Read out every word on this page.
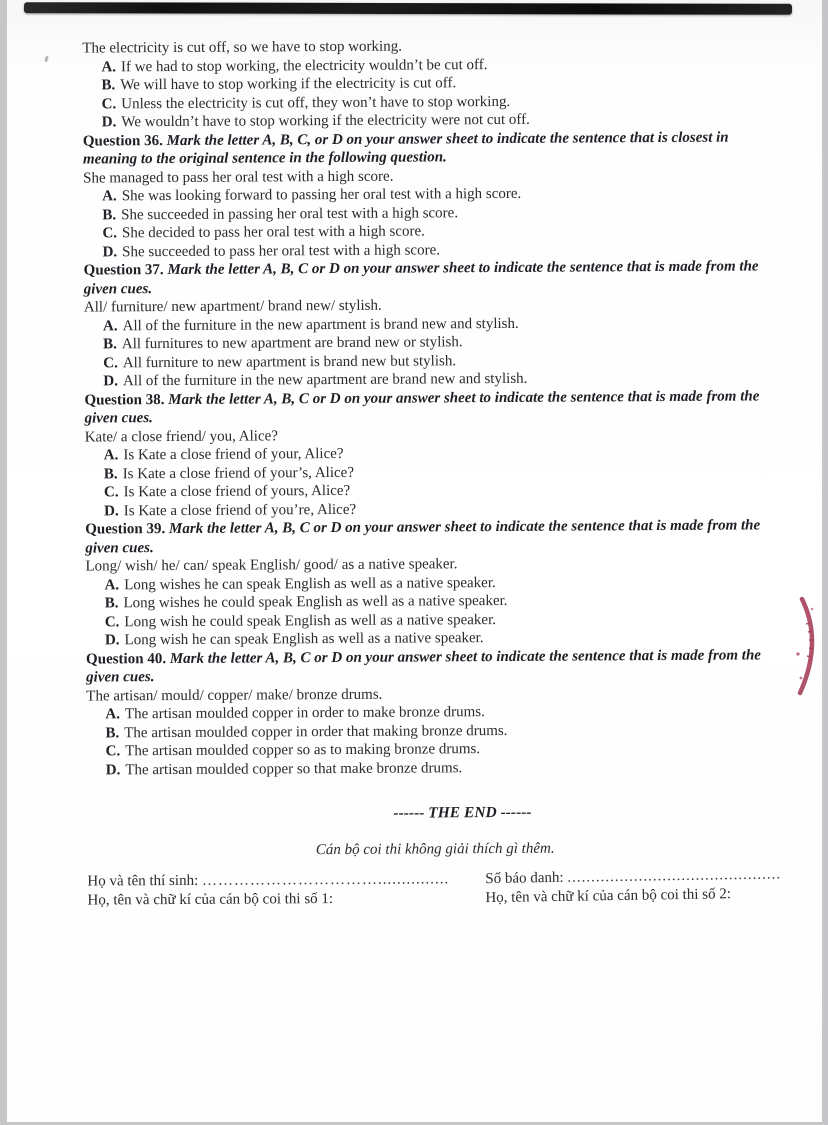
The electricity is cut off, so we have to stop working.

A. If we had to stop working, the electricity wouldn’t be cut off.

B. We will have to stop working if the electricity is cut off.

C. Unless the electricity is cut off, they won’t have to stop working.

D. We wouldn’t have to stop working if the electricity were not cut off.

Question 36. Mark the letter A, B, C, or D on your answer sheet to indicate the sentence that is closest in meaning to the original sentence in the following question.

She managed to pass her oral test with a high score.

A. She was looking forward to passing her oral test with a high score.

B. She succeeded in passing her oral test with a high score.

C. She decided to pass her oral test with a high score.

D. She succeeded to pass her oral test with a high score.

Question 37. Mark the letter A, B, C or D on your answer sheet to indicate the sentence that is made from the given cues.

All/ furniture/ new apartment/ brand new/ stylish.

A. All of the furniture in the new apartment is brand new and stylish.

B. All furnitures to new apartment are brand new or stylish.

C. All furniture to new apartment is brand new but stylish.

D. All of the furniture in the new apartment are brand new and stylish.

Question 38. Mark the letter A, B, C or D on your answer sheet to indicate the sentence that is made from the given cues.

Kate/ a close friend/ you, Alice?

A. Is Kate a close friend of your, Alice?

B. Is Kate a close friend of your’s, Alice?

C. Is Kate a close friend of yours, Alice?

D. Is Kate a close friend of you’re, Alice?

Question 39. Mark the letter A, B, C or D on your answer sheet to indicate the sentence that is made from the given cues.

Long/ wish/ he/ can/ speak English/ good/ as a native speaker.

A. Long wishes he can speak English as well as a native speaker.

B. Long wishes he could speak English as well as a native speaker.

C. Long wish he could speak English as well as a native speaker.

D. Long wish he can speak English as well as a native speaker.

Question 40. Mark the letter A, B, C or D on your answer sheet to indicate the sentence that is made from the given cues.

The artisan/ mould/ copper/ make/ bronze drums.

A. The artisan moulded copper in order to make bronze drums.

B. The artisan moulded copper in order that making bronze drums.

C. The artisan moulded copper so as to making bronze drums.

D. The artisan moulded copper so that make bronze drums.

------ THE END ------

Cán bộ coi thi không giải thích gì thêm.

Họ và tên thí sinh: ……………………………...............	Số báo danh: .............................................
Họ, tên và chữ kí của cán bộ coi thi số 1:	Họ, tên và chữ kí của cán bộ coi thi số 2:
